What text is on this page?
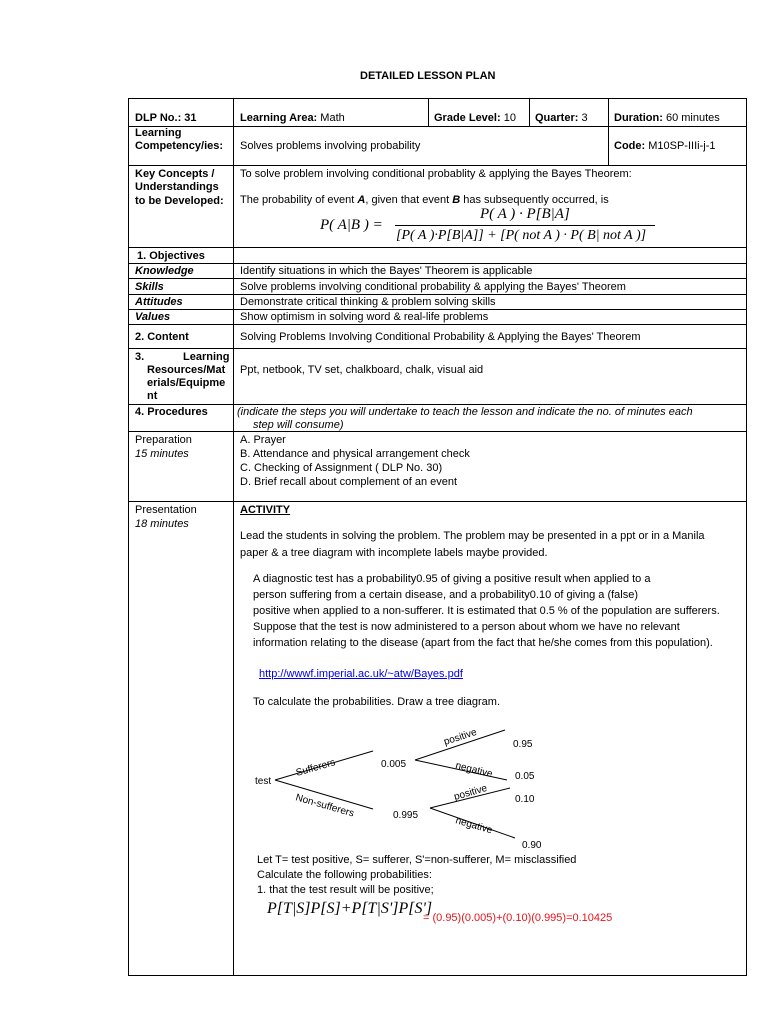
DETAILED LESSON PLAN
DLP No.: 31	Learning Area: Math	Grade Level: 10 Quarter: 3 Duration: 60 minutes
Learning
Competency/ies: Solves problems involving probability	Code: M10SP-IIIi-j-1
Key Concepts /
Understandings
to be Developed:
To solve problem involving conditional probablity & applying the Bayes Theorem:
The probability of event A, given that event B has subsequently occurred, is
P( A|B ) =
P( A ) · P[B|A]
[P( A )·P[B|A]] + [P( not A ) · P( B| not A )]
1. Objectives
Knowledge	Identify situations in which the Bayes' Theorem is applicable
Skills	Solve problems involving conditional probability & applying the Bayes' Theorem
Attitudes	Demonstrate critical thinking & problem solving skills
Values	Show optimism in solving word & real-life problems
2. Content	Solving Problems Involving Conditional Probability & Applying the Bayes' Theorem
3.	Learning
Resources/Mat
erials/Equipme
nt
Ppt, netbook, TV set, chalkboard, chalk, visual aid
4. Procedures	(indicate the steps you will undertake to teach the lesson and indicate the no. of minutes each
step will consume)
Preparation
15 minutes
A. Prayer
B. Attendance and physical arrangement check
C. Checking of Assignment ( DLP No. 30)
D. Brief recall about complement of an event
Presentation
18 minutes
ACTIVITY
Lead the students in solving the problem. The problem may be presented in a ppt or in a Manila
paper & a tree diagram with incomplete labels maybe provided.
A diagnostic test has a probability0.95 of giving a positive result when applied to a
person suffering from a certain disease, and a probability0.10 of giving a (false)
positive when applied to a non-sufferer. It is estimated that 0.5 % of the population are sufferers.
Suppose that the test is now administered to a person about whom we have no relevant
information relating to the disease (apart from the fact that he/she comes from this population).
http://wwwf.imperial.ac.uk/~atw/Bayes.pdf
To calculate the probabilities. Draw a tree diagram.
test
Sufferers	0.005
Non-sufferers	0.995
positive	0.95
negative 0.05
positive	0.10
negative
0.90
Let T= test positive, S= sufferer, S'=non-sufferer, M= misclassified
Calculate the following probabilities:
1. that the test result will be positive;
P[T|S]P[S]+P[T|S']P[S']
= (0.95)(0.005)+(0.10)(0.995)=0.10425
